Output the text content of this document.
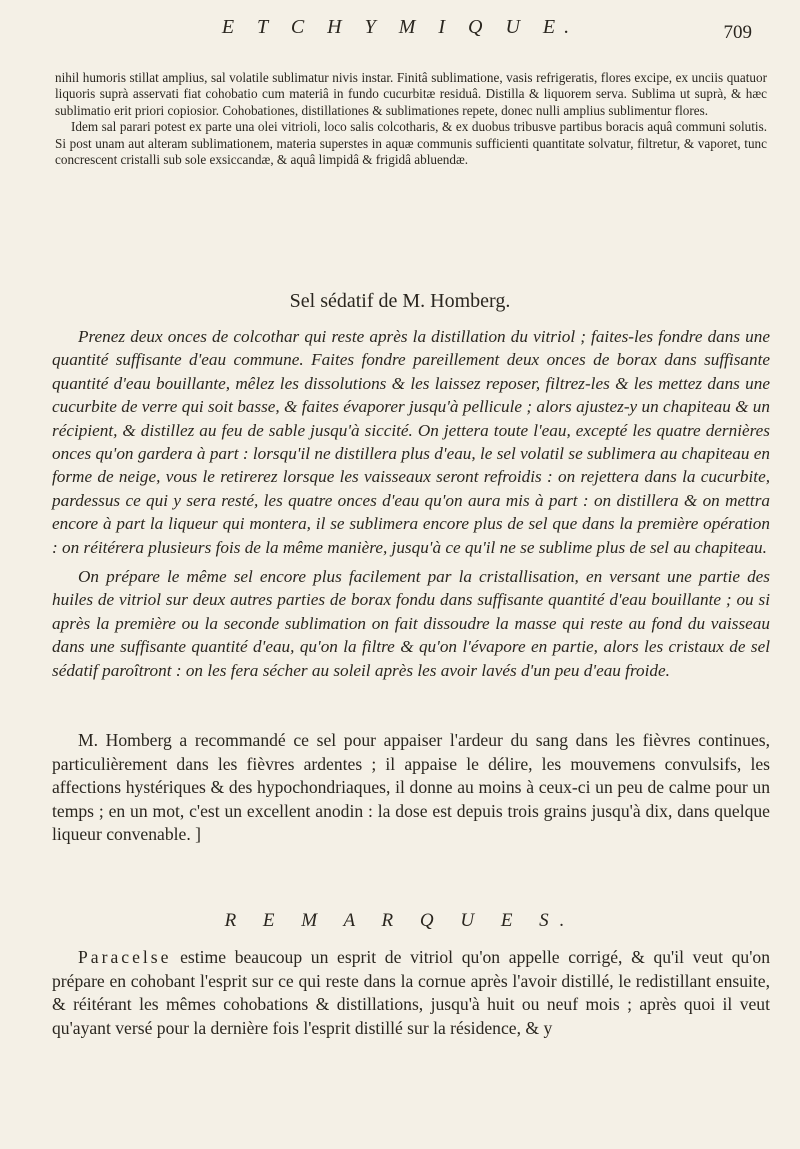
E T C H Y M I Q U E.	709

nihil humoris stillat amplius, sal volatile sublimatur nivis instar. Finitâ sublimatione, vasis refrigeratis, flores excipe, ex unciis quatuor liquoris suprà asservati fiat cohobatio cum materiâ in fundo cucurbitæ residuâ. Distilla & liquorem serva. Sublima ut suprà, & hæc sublimatio erit priori copiosior. Cohobationes, distillationes & sublimationes repete, donec nulli amplius sublimentur flores.

Idem sal parari potest ex parte una olei vitrioli, loco salis colcotharis, & ex duobus tribusve partibus boracis aquâ communi solutis. Si post unam aut alteram sublimationem, materia superstes in aquæ communis sufficienti quantitate solvatur, filtretur, & vaporet, tunc concrescent cristalli sub sole exsiccandæ, & aquâ limpidâ & frigidâ abluendæ.

Sel sédatif de M. Homberg.

Prenez deux onces de colcothar qui reste après la distillation du vitriol ; faites-les fondre dans une quantité suffisante d'eau commune. Faites fondre pareillement deux onces de borax dans suffisante quantité d'eau bouillante, mêlez les dissolutions & les laissez reposer, filtrez-les & les mettez dans une cucurbite de verre qui soit basse, & faites évaporer jusqu'à pellicule ; alors ajustez-y un chapiteau & un récipient, & distillez au feu de sable jusqu'à siccité. On jettera toute l'eau, excepté les quatre dernières onces qu'on gardera à part : lorsqu'il ne distillera plus d'eau, le sel volatil se sublimera au chapiteau en forme de neige, vous le retirerez lorsque les vaisseaux seront refroidis : on rejettera dans la cucurbite, pardessus ce qui y sera resté, les quatre onces d'eau qu'on aura mis à part : on distillera & on mettra encore à part la liqueur qui montera, il se sublimera encore plus de sel que dans la première opération : on réitérera plusieurs fois de la même manière, jusqu'à ce qu'il ne se sublime plus de sel au chapiteau.

On prépare le même sel encore plus facilement par la cristallisation, en versant une partie des huiles de vitriol sur deux autres parties de borax fondu dans suffisante quantité d'eau bouillante ; ou si après la première ou la seconde sublimation on fait dissoudre la masse qui reste au fond du vaisseau dans une suffisante quantité d'eau, qu'on la filtre & qu'on l'évapore en partie, alors les cristaux de sel sédatif paroîtront : on les fera sécher au soleil après les avoir lavés d'un peu d'eau froide.

M. Homberg a recommandé ce sel pour appaiser l'ardeur du sang dans les fièvres continues, particulièrement dans les fièvres ardentes ; il appaise le délire, les mouvemens convulsifs, les affections hystériques & des hypochondriaques, il donne au moins à ceux-ci un peu de calme pour un temps ; en un mot, c'est un excellent anodin : la dose est depuis trois grains jusqu'à dix, dans quelque liqueur convenable. ]

R E M A R Q U E S.

Paracelse estime beaucoup un esprit de vitriol qu'on appelle corrigé, & qu'il veut qu'on prépare en cohobant l'esprit sur ce qui reste dans la cornue après l'avoir distillé, le redistillant ensuite, & réitérant les mêmes cohobations & distillations, jusqu'à huit ou neuf mois ; après quoi il veut qu'ayant versé pour la dernière fois l'esprit distillé sur la résidence, & y
